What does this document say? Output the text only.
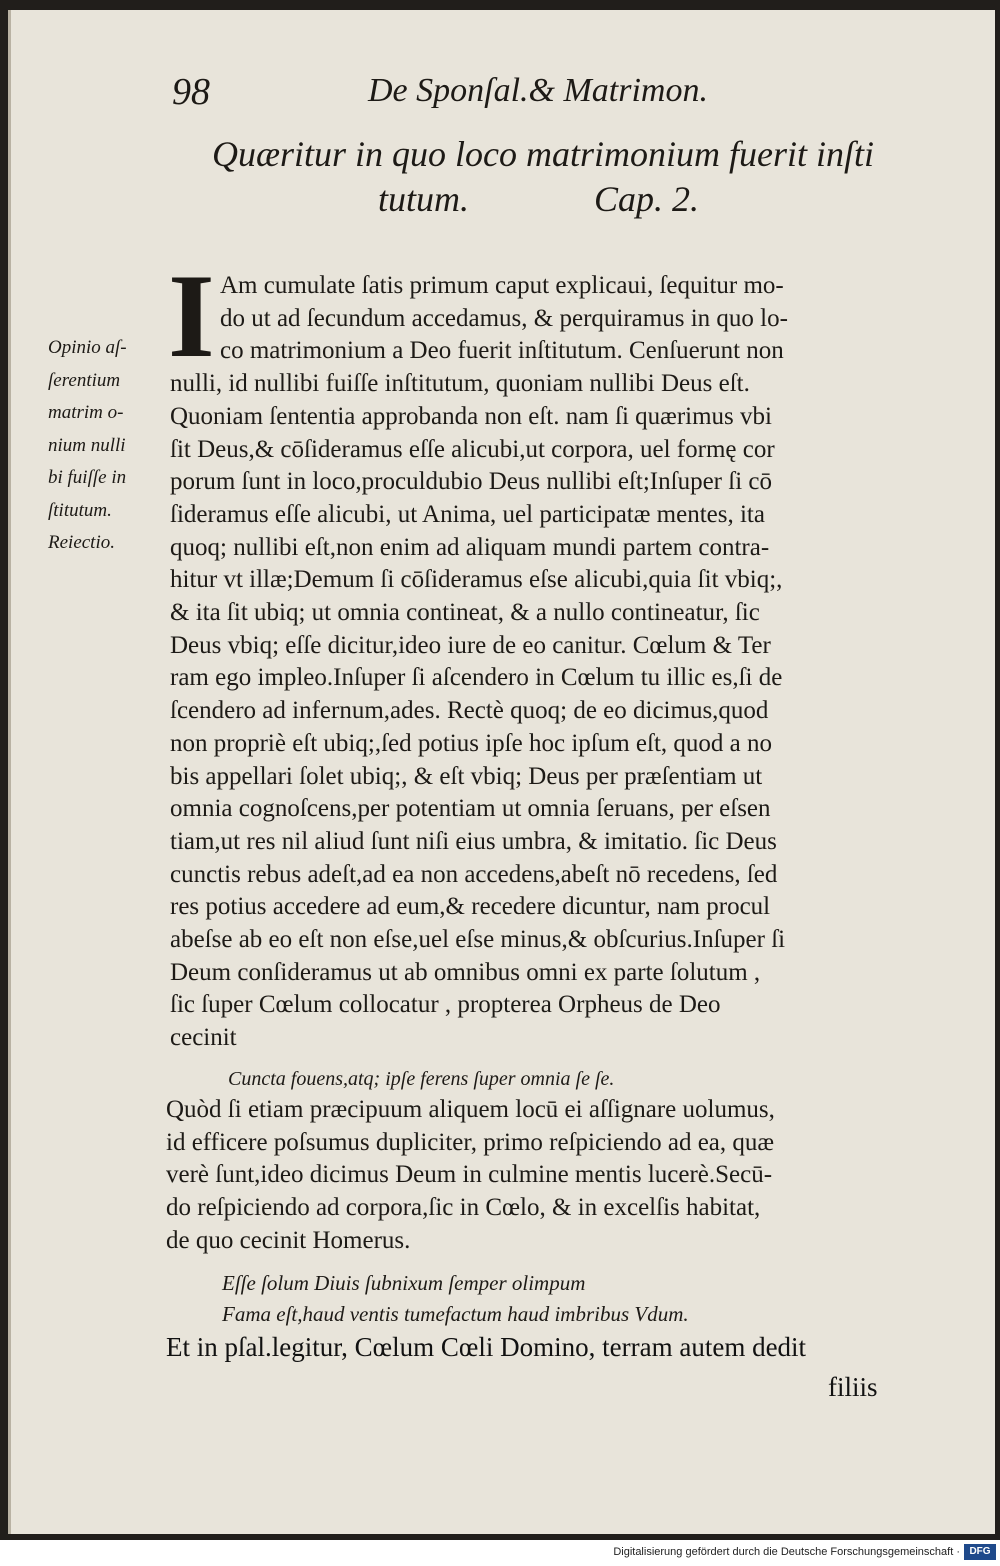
98	De Sponſal.& Matrimon.
Quæritur in quo loco matrimonium fuerit inſti
tutum.	Cap. 2.
Opinio aſ-
ſerentium
matrim o-
nium nulli
bi fuiſſe in
ſtitutum.
Reiectio.
I Am cumulate ſatis primum caput explicaui, ſequitur mo-
do ut ad ſecundum accedamus, & perquiramus in quo lo-
co matrimonium a Deo fuerit inſtitutum. Cenſuerunt non
nulli, id nullibi fuiſſe inſtitutum, quoniam nullibi Deus eſt.
Quoniam ſententia approbanda non eſt. nam ſi quærimus vbi
ſit Deus,& cōſideramus eſſe alicubi,ut corpora, uel formę cor
porum ſunt in loco,proculdubio Deus nullibi eſt;Inſuper ſi cō
ſideramus eſſe alicubi, ut Anima, uel participatæ mentes, ita
quoq; nullibi eſt,non enim ad aliquam mundi partem contra-
hitur vt illæ;Demum ſi cōſideramus eſse alicubi,quia ſit vbiq;,
& ita ſit ubiq; ut omnia contineat, & a nullo contineatur, ſic
Deus vbiq; eſſe dicitur,ideo iure de eo canitur. Cœlum & Ter
ram ego impleo.Inſuper ſi aſcendero in Cœlum tu illic es,ſi de
ſcendero ad infernum,ades. Rectè quoq; de eo dicimus,quod
non propriè eſt ubiq;,ſed potius ipſe hoc ipſum eſt, quod a no
bis appellari ſolet ubiq;, & eſt vbiq; Deus per præſentiam ut
omnia cognoſcens,per potentiam ut omnia ſeruans, per eſsen
tiam,ut res nil aliud ſunt niſi eius umbra, & imitatio. ſic Deus
cunctis rebus adeſt,ad ea non accedens,abeſt nō recedens, ſed
res potius accedere ad eum,& recedere dicuntur, nam procul
abeſse ab eo eſt non eſse,uel eſse minus,& obſcurius.Inſuper ſi
Deum conſideramus ut ab omnibus omni ex parte ſolutum ,
ſic ſuper Cœlum collocatur , propterea Orpheus de Deo
cecinit
Cuncta fouens,atq; ipſe ferens ſuper omnia ſe ſe.
Quòd ſi etiam præcipuum aliquem locū ei aſſignare uolumus,
id efficere poſsumus dupliciter, primo reſpiciendo ad ea, quæ
verè ſunt,ideo dicimus Deum in culmine mentis lucerè.Secū-
do reſpiciendo ad corpora,ſic in Cœlo, & in excelſis habitat,
de quo cecinit Homerus.
Eſſe ſolum Diuis ſubnixum ſemper olimpum
Fama eſt,haud ventis tumefactum haud imbribus Vdum.
Et in pſal.legitur, Cœlum Cœli Domino, terram autem dedit
filiis
Digitalisierung gefördert durch die Deutsche Forschungsgemeinschaft · DFG
